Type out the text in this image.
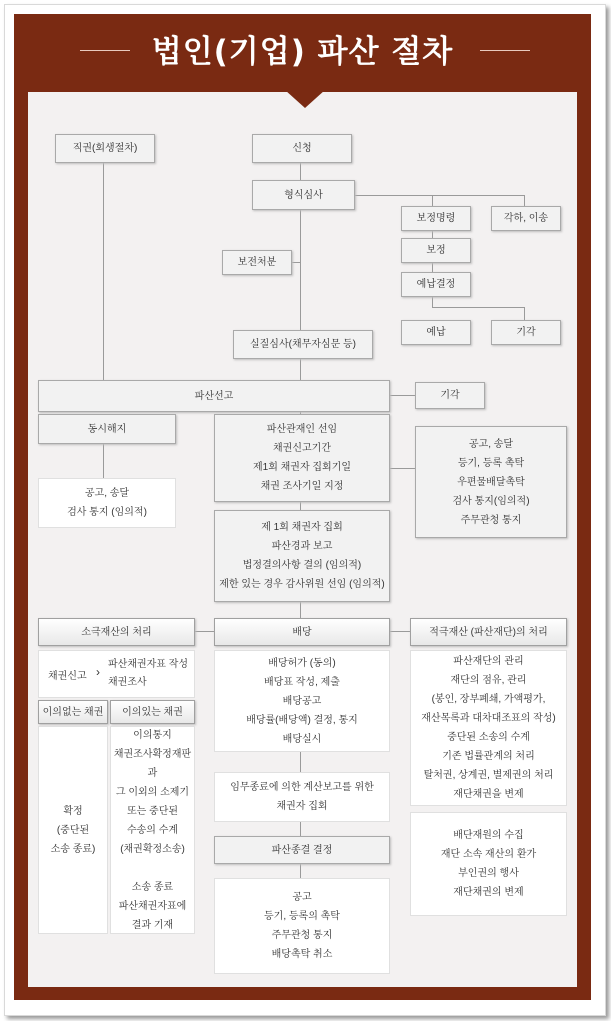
법인(기업) 파산 절차
직권(회생절차)	신청
형식심사
보정명령	각하, 이송
보정
보전처분
예납결정
예납	기각
실질심사(채무자심문 등)
파산선고	기각
동시해지
공고, 송달
검사 통지 (임의적)
파산관재인 선임
채권신고기간
제1회 채권자 집회기일
채권 조사기일 지정
공고, 송달
등기, 등록 촉탁
우편물배달촉탁
검사 통지(임의적)
주무관청 통지
제 1회 채권자 집회
파산경과 보고
법정결의사항 결의 (임의적)
제한 있는 경우 감사위원 선임 (임의적)
소극재산의 처리	배당	적극재산 (파산재단)의 처리
채권신고 ›
파산채권자표 작성
채권조사
이의없는 채권	이의있는 채권
확정
(중단된
소송 종료)
이의통지
채권조사확정재판과
그 이외의 소제기
또는 중단된
수송의 수계
(채권확정소송)

소송 종료
파산채권자표에
결과 기재
배당허가 (동의)
배당표 작성, 제출
배당공고
배당률(배당액) 결정, 통지
배당실시
임무종료에 의한 계산보고를 위한
채권자 집회
파산종결 결정
공고
등기, 등록의 촉탁
주무관청 통지
배당촉탁 취소
파산재단의 관리
재단의 점유, 관리
(봉인, 장부폐쇄, 가액평가,
재산목록과 대차대조표의 작성)
중단된 소송의 수계
기존 법률관계의 처리
탈처권, 상계권, 별제권의 처리
재단채권을 변제
배단재원의 수집
재단 소속 재산의 환가
부인권의 행사
재단채권의 변제
